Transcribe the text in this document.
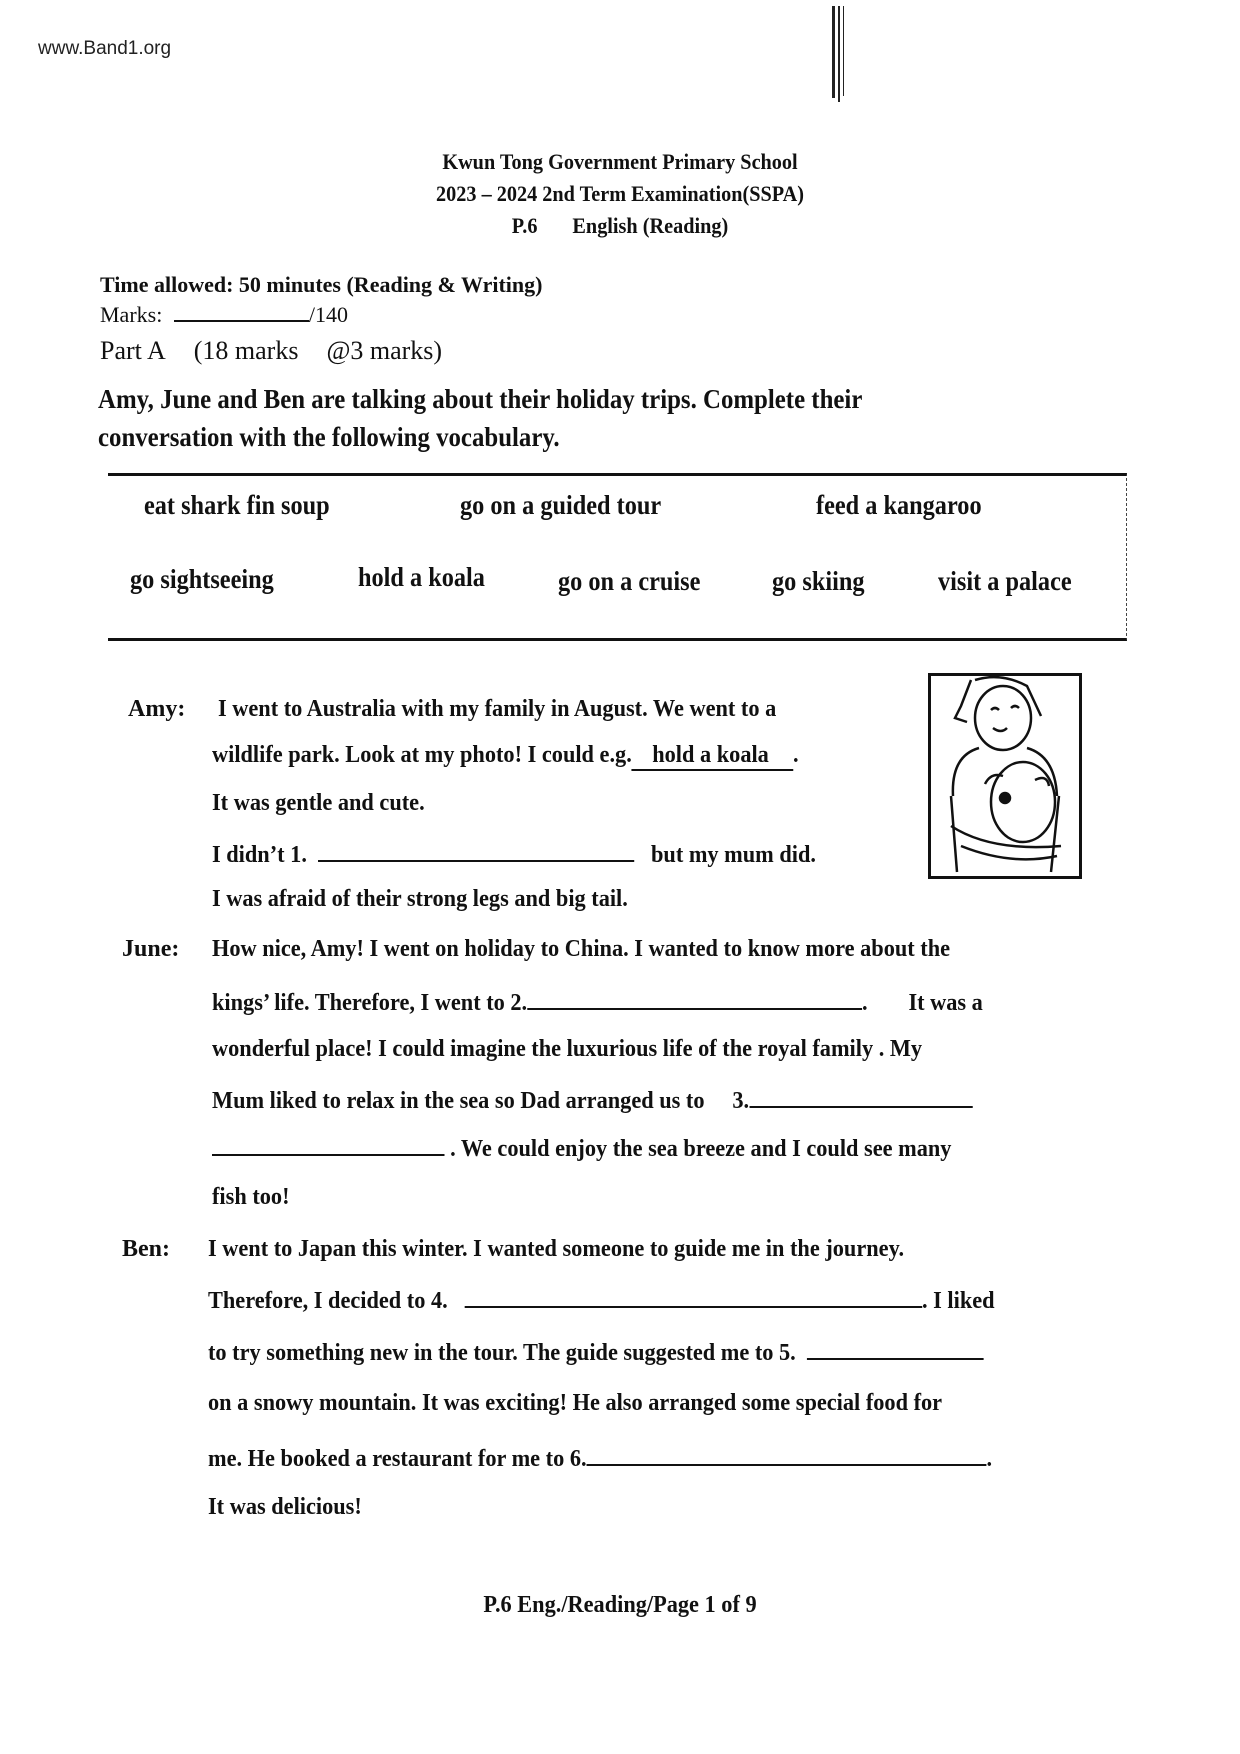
www.Band1.org
Kwun Tong Government Primary School
2023 – 2024 2nd Term Examination(SSPA)
P.6 English (Reading)
Time allowed: 50 minutes (Reading & Writing)
Marks:	/140
Part A (18 marks @3 marks)
Amy, June and Ben are talking about their holiday trips. Complete their
conversation with the following vocabulary.
eat shark fin soup	go on a guided tour	feed a kangaroo
go sightseeing	hold a koala	go on a cruise	go skiing	visit a palace
Amy: I went to Australia with my family in August. We went to a
wildlife park. Look at my photo! I could e.g. hold a koala .
It was gentle and cute.
I didn’t 1.	but my mum did.
I was afraid of their strong legs and big tail.
June: How nice, Amy! I went on holiday to China. I wanted to know more about the
kings’ life. Therefore, I went to 2.	. It was a
wonderful place! I could imagine the luxurious life of the royal family . My
Mum liked to relax in the sea so Dad arranged us to 3.
. We could enjoy the sea breeze and I could see many
fish too!
Ben: I went to Japan this winter. I wanted someone to guide me in the journey.
Therefore, I decided to 4.	. I liked
to try something new in the tour. The guide suggested me to 5.
on a snowy mountain. It was exciting! He also arranged some special food for
me. He booked a restaurant for me to 6.	.
It was delicious!
P.6 Eng./Reading/Page 1 of 9
